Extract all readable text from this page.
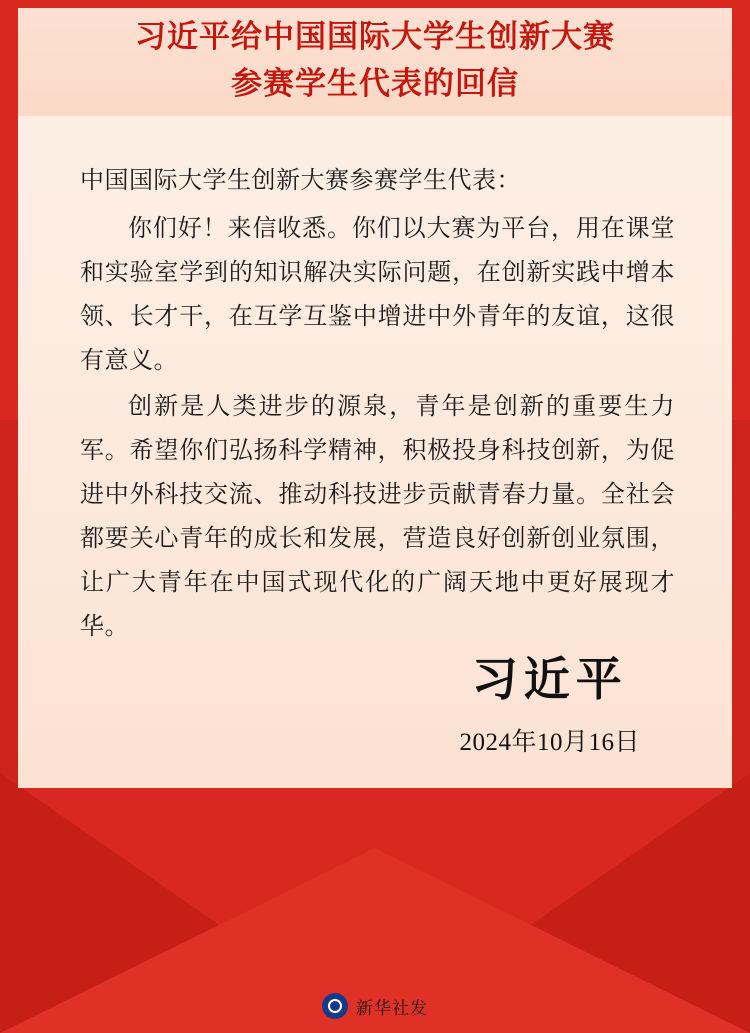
习近平给中国国际大学生创新大赛
参赛学生代表的回信
中国国际大学生创新大赛参赛学生代表：
你们好！来信收悉。你们以大赛为平台，用在课堂和实验室学到的知识解决实际问题，在创新实践中增本领、长才干，在互学互鉴中增进中外青年的友谊，这很有意义。
创新是人类进步的源泉，青年是创新的重要生力军。希望你们弘扬科学精神，积极投身科技创新，为促进中外科技交流、推动科技进步贡献青春力量。全社会都要关心青年的成长和发展，营造良好创新创业氛围，让广大青年在中国式现代化的广阔天地中更好展现才华。
习近平
2024年10月16日
新华社发
